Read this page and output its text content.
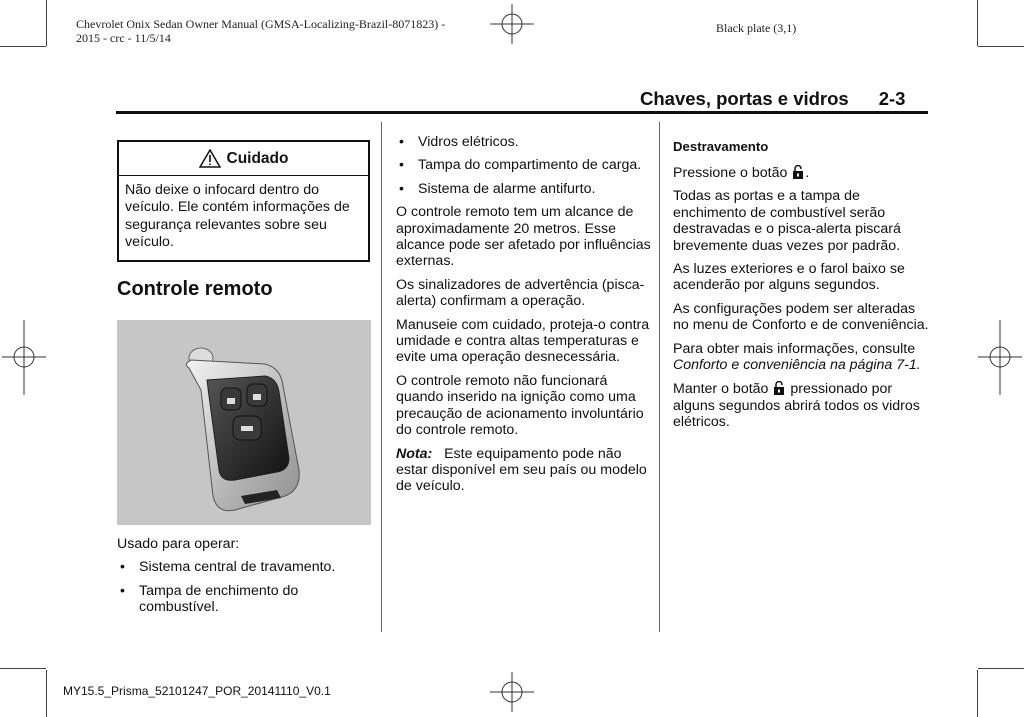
Chevrolet Onix Sedan Owner Manual (GMSA-Localizing-Brazil-8071823) -
2015 - crc - 11/5/14
Black plate (3,1)
Chaves, portas e vidros 2-3
Cuidado
Não deixe o infocard dentro do veículo. Ele contém informações de segurança relevantes sobre seu veículo.
Controle remoto

Usado para operar:

• Sistema central de travamento.
• Tampa de enchimento do combustível.
• Vidros elétricos.
• Tampa do compartimento de carga.
• Sistema de alarme antifurto.

O controle remoto tem um alcance de aproximadamente 20 metros. Esse alcance pode ser afetado por influências externas.

Os sinalizadores de advertência (pisca-alerta) confirmam a operação.

Manuseie com cuidado, proteja-o contra umidade e contra altas temperaturas e evite uma operação desnecessária.

O controle remoto não funcionará quando inserido na ignição como uma precaução de acionamento involuntário do controle remoto.

Nota: Este equipamento pode não estar disponível em seu país ou modelo de veículo.

Destravamento

Pressione o botão .

Todas as portas e a tampa de enchimento de combustível serão destravadas e o pisca-alerta piscará brevemente duas vezes por padrão.

As luzes exteriores e o farol baixo se acenderão por alguns segundos.

As configurações podem ser alteradas no menu de Conforto e de conveniência.

Para obter mais informações, consulte Conforto e conveniência na página 7-1.

Manter o botão pressionado por alguns segundos abrirá todos os vidros elétricos.

MY15.5_Prisma_52101247_POR_20141110_V0.1
